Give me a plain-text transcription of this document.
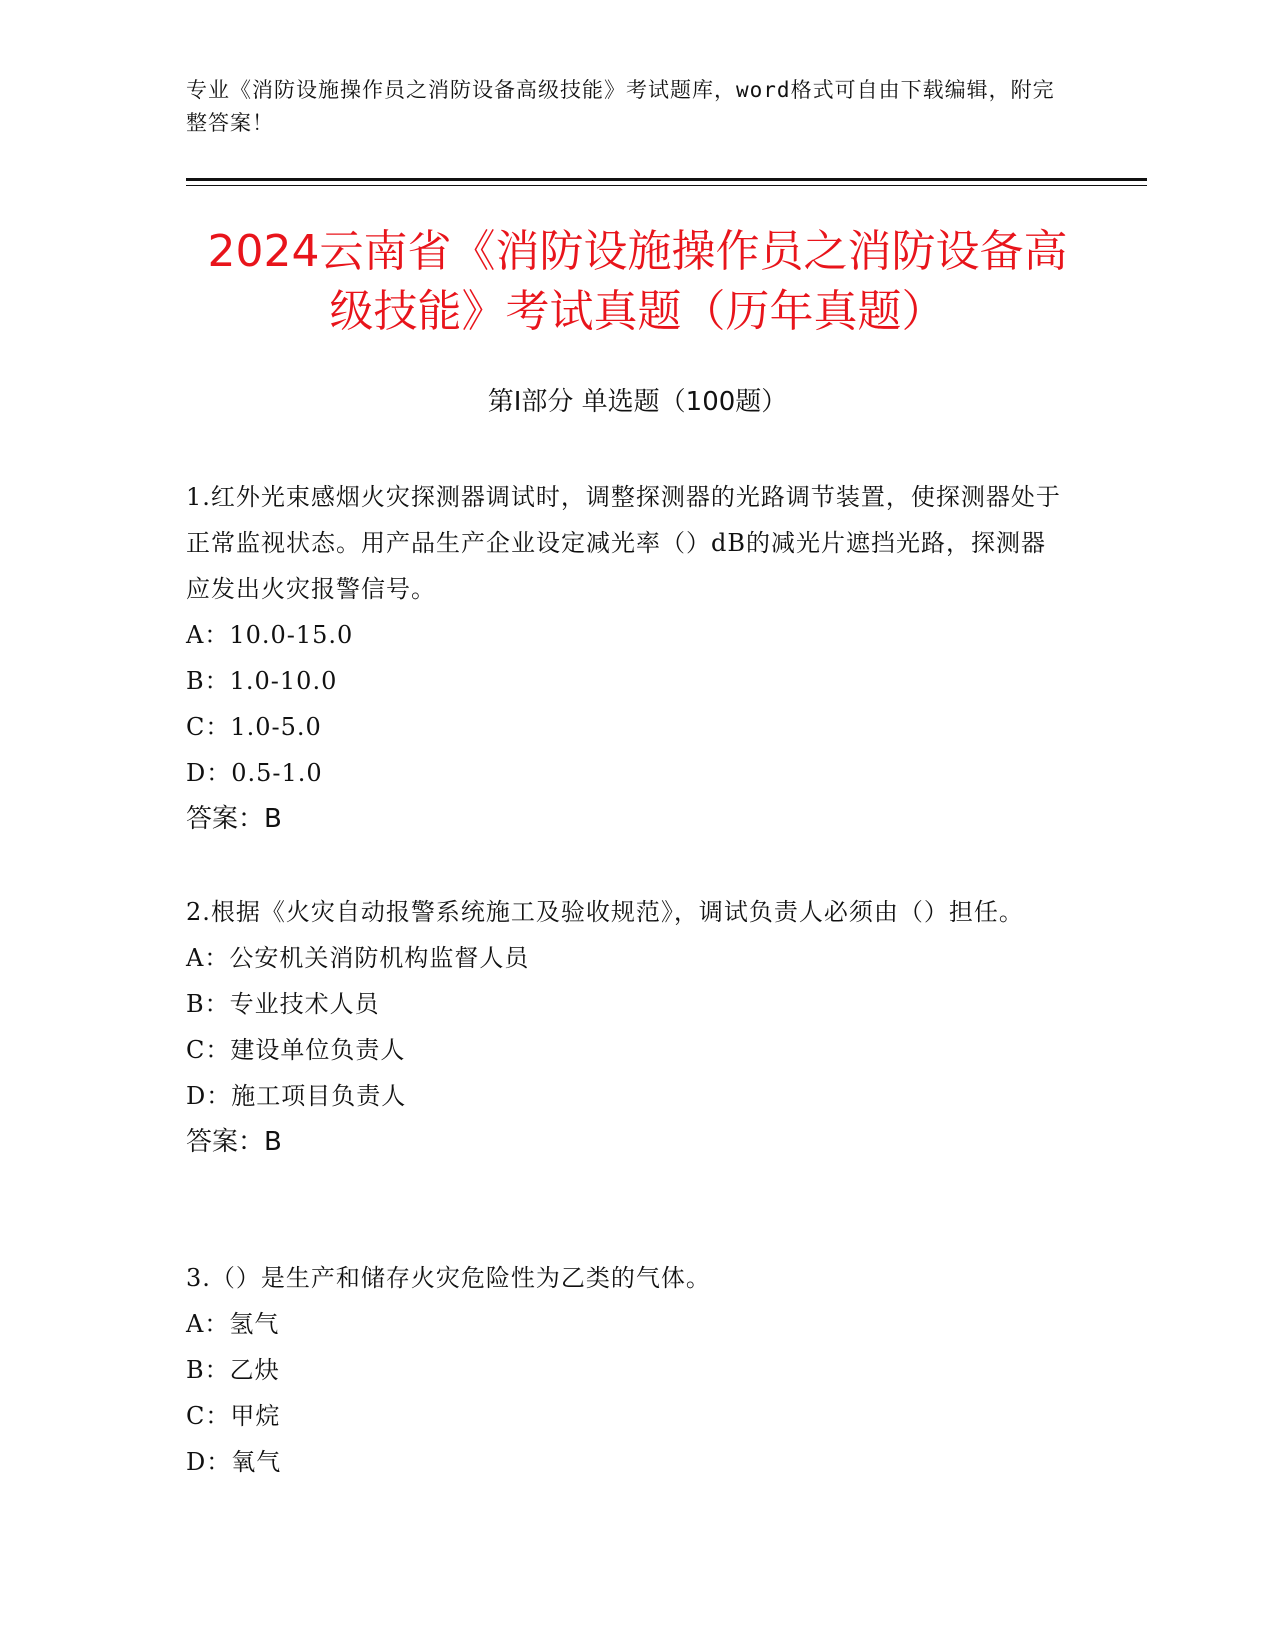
专业《消防设施操作员之消防设备高级技能》考试题库，word格式可自由下载编辑，附完整答案！
2024云南省《消防设施操作员之消防设备高
级技能》考试真题（历年真题）
第I部分 单选题（100题）
1.红外光束感烟火灾探测器调试时，调整探测器的光路调节装置，使探测器处于正常监视状态。用产品生产企业设定减光率（）dB的减光片遮挡光路，探测器应发出火灾报警信号。
A：10.0-15.0
B：1.0-10.0
C：1.0-5.0
D：0.5-1.0
答案：B
2.根据《火灾自动报警系统施工及验收规范》，调试负责人必须由（）担任。
A：公安机关消防机构监督人员
B：专业技术人员
C：建设单位负责人
D：施工项目负责人
答案：B
3.（）是生产和储存火灾危险性为乙类的气体。
A：氢气
B：乙炔
C：甲烷
D：氧气
